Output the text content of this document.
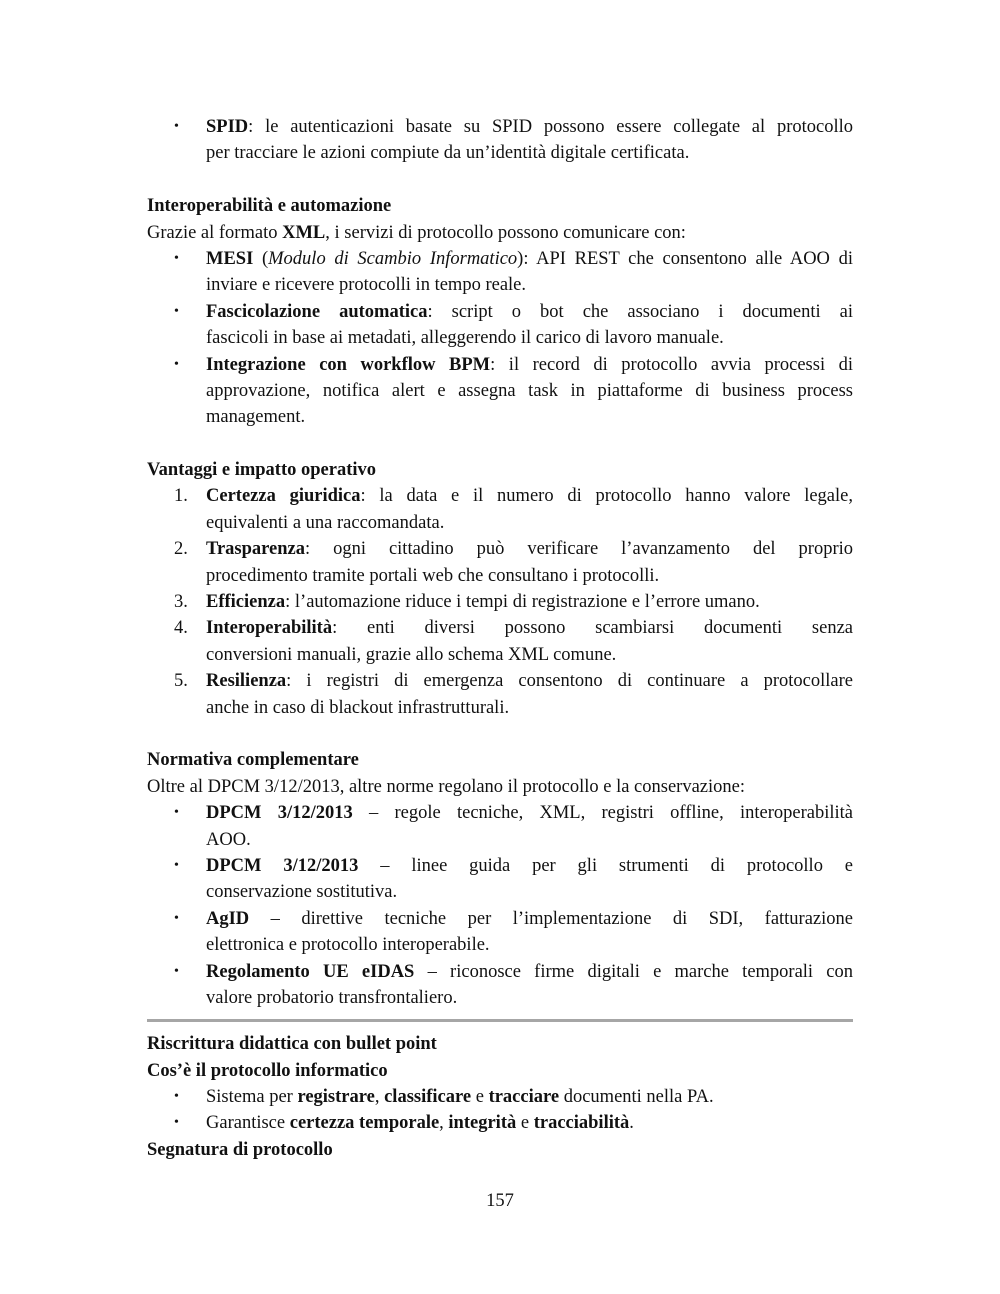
•	SPID: le autenticazioni basate su SPID possono essere collegate al protocollo
per tracciare le azioni compiute da un’identità digitale certificata.
Interoperabilità e automazione
Grazie al formato XML, i servizi di protocollo possono comunicare con:
•	MESI (Modulo di Scambio Informatico): API REST che consentono alle AOO di
inviare e ricevere protocolli in tempo reale.
•	Fascicolazione automatica: script o bot che associano i documenti ai
fascicoli in base ai metadati, alleggerendo il carico di lavoro manuale.
•	Integrazione con workflow BPM: il record di protocollo avvia processi di
approvazione, notifica alert e assegna task in piattaforme di business process
management.
Vantaggi e impatto operativo
1. Certezza giuridica: la data e il numero di protocollo hanno valore legale,
equivalenti a una raccomandata.
2. Trasparenza: ogni cittadino può verificare l’avanzamento del proprio
procedimento tramite portali web che consultano i protocolli.
3. Efficienza: l’automazione riduce i tempi di registrazione e l’errore umano.
4. Interoperabilità: enti diversi possono scambiarsi documenti senza
conversioni manuali, grazie allo schema XML comune.
5. Resilienza: i registri di emergenza consentono di continuare a protocollare
anche in caso di blackout infrastrutturali.
Normativa complementare
Oltre al DPCM 3/12/2013, altre norme regolano il protocollo e la conservazione:
•	DPCM 3/12/2013 – regole tecniche, XML, registri offline, interoperabilità
AOO.
•	DPCM 3/12/2013 – linee guida per gli strumenti di protocollo e
conservazione sostitutiva.
•	AgID – direttive tecniche per l’implementazione di SDI, fatturazione
elettronica e protocollo interoperabile.
•	Regolamento UE eIDAS – riconosce firme digitali e marche temporali con
valore probatorio transfrontaliero.
Riscrittura didattica con bullet point
Cos’è il protocollo informatico
•	Sistema per registrare, classificare e tracciare documenti nella PA.
•	Garantisce certezza temporale, integrità e tracciabilità.
Segnatura di protocollo
157
